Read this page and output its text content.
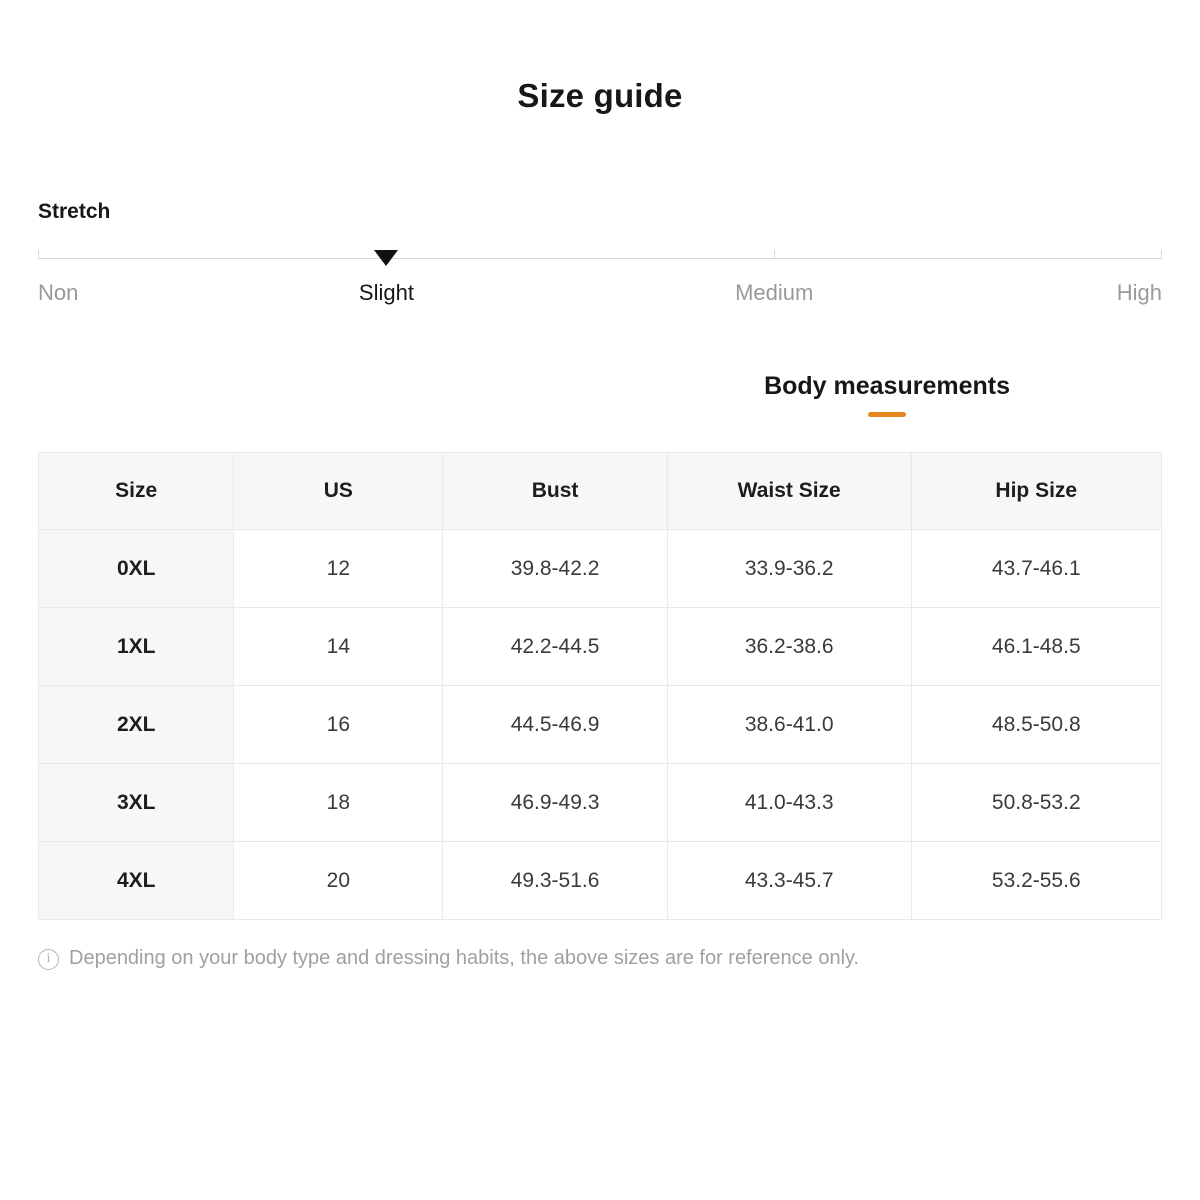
Size guide
Stretch
Non	Slight	Medium	High
Body measurements
Size	US	Bust	Waist Size	Hip Size
0XL	12	39.8-42.2	33.9-36.2	43.7-46.1
1XL	14	42.2-44.5	36.2-38.6	46.1-48.5
2XL	16	44.5-46.9	38.6-41.0	48.5-50.8
3XL	18	46.9-49.3	41.0-43.3	50.8-53.2
4XL	20	49.3-51.6	43.3-45.7	53.2-55.6
i Depending on your body type and dressing habits, the above sizes are for reference only.
